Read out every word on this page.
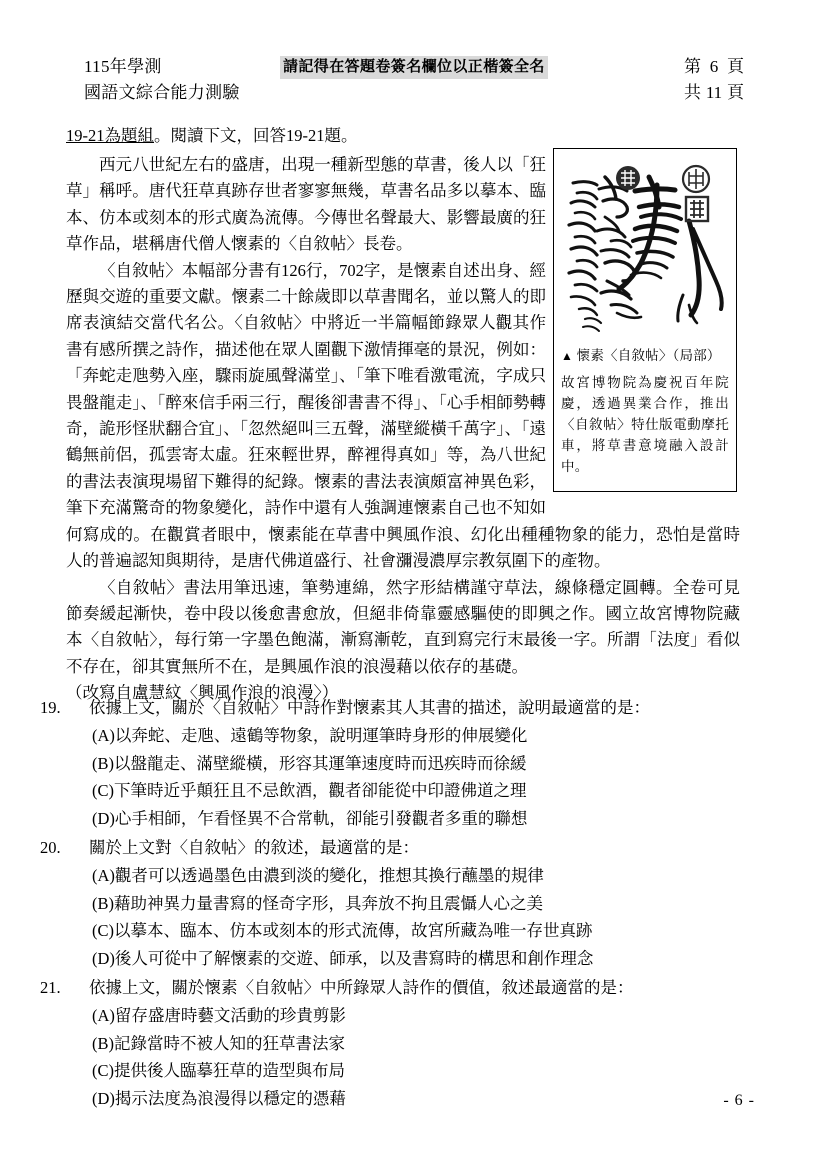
115年學測
國語文綜合能力測驗
請記得在答題卷簽名欄位以正楷簽全名	第 6 頁
共 11 頁
▲ 懷素〈自敘帖〉（局部）
故宮博物院為慶祝百年院慶，透過異業合作，推出〈自敘帖〉特仕版電動摩托車，將草書意境融入設計中。
19-21為題組。閱讀下文，回答19-21題。

西元八世紀左右的盛唐，出現一種新型態的草書，後人以「狂草」稱呼。唐代狂草真跡存世者寥寥無幾，草書名品多以摹本、臨本、仿本或刻本的形式廣為流傳。今傳世名聲最大、影響最廣的狂草作品，堪稱唐代僧人懷素的〈自敘帖〉長卷。

〈自敘帖〉本幅部分書有126行，702字，是懷素自述出身、經歷與交遊的重要文獻。懷素二十餘歲即以草書聞名，並以驚人的即席表演結交當代名公。〈自敘帖〉中將近一半篇幅節錄眾人觀其作書有感所撰之詩作，描述他在眾人圍觀下激情揮毫的景況，例如：「奔蛇走虺勢入座，驟雨旋風聲滿堂」、「筆下唯看激電流，字成只畏盤龍走」、「醉來信手兩三行，醒後卻書書不得」、「心手相師勢轉奇，詭形怪狀翻合宜」、「忽然絕叫三五聲，滿壁縱橫千萬字」、「遠鶴無前侶，孤雲寄太虛。狂來輕世界，醉裡得真如」等，為八世紀的書法表演現場留下難得的紀錄。懷素的書法表演頗富神異色彩，筆下充滿驚奇的物象變化，詩作中還有人強調連懷素自己也不知如何寫成的。在觀賞者眼中，懷素能在草書中興風作浪、幻化出種種物象的能力，恐怕是當時人的普遍認知與期待，是唐代佛道盛行、社會瀰漫濃厚宗教氛圍下的產物。

〈自敘帖〉書法用筆迅速，筆勢連綿，然字形結構謹守草法，線條穩定圓轉。全卷可見節奏緩起漸快，卷中段以後愈書愈放，但絕非倚靠靈感驅使的即興之作。國立故宮博物院藏本〈自敘帖〉，每行第一字墨色飽滿，漸寫漸乾，直到寫完行末最後一字。所謂「法度」看似不存在，卻其實無所不在，是興風作浪的浪漫藉以依存的基礎。

（改寫自盧慧紋〈興風作浪的浪漫〉）

19. 依據上文，關於〈自敘帖〉中詩作對懷素其人其書的描述，說明最適當的是：
(A)以奔蛇、走虺、遠鶴等物象，說明運筆時身形的伸展變化
(B)以盤龍走、滿壁縱橫，形容其運筆速度時而迅疾時而徐緩
(C)下筆時近乎顛狂且不忌飲酒，觀者卻能從中印證佛道之理
(D)心手相師，乍看怪異不合常軌，卻能引發觀者多重的聯想
20. 關於上文對〈自敘帖〉的敘述，最適當的是：
(A)觀者可以透過墨色由濃到淡的變化，推想其換行蘸墨的規律
(B)藉助神異力量書寫的怪奇字形，具奔放不拘且震懾人心之美
(C)以摹本、臨本、仿本或刻本的形式流傳，故宮所藏為唯一存世真跡
(D)後人可從中了解懷素的交遊、師承，以及書寫時的構思和創作理念
21. 依據上文，關於懷素〈自敘帖〉中所錄眾人詩作的價值，敘述最適當的是：
(A)留存盛唐時藝文活動的珍貴剪影
(B)記錄當時不被人知的狂草書法家
(C)提供後人臨摹狂草的造型與布局
(D)揭示法度為浪漫得以穩定的憑藉	- 6 -
